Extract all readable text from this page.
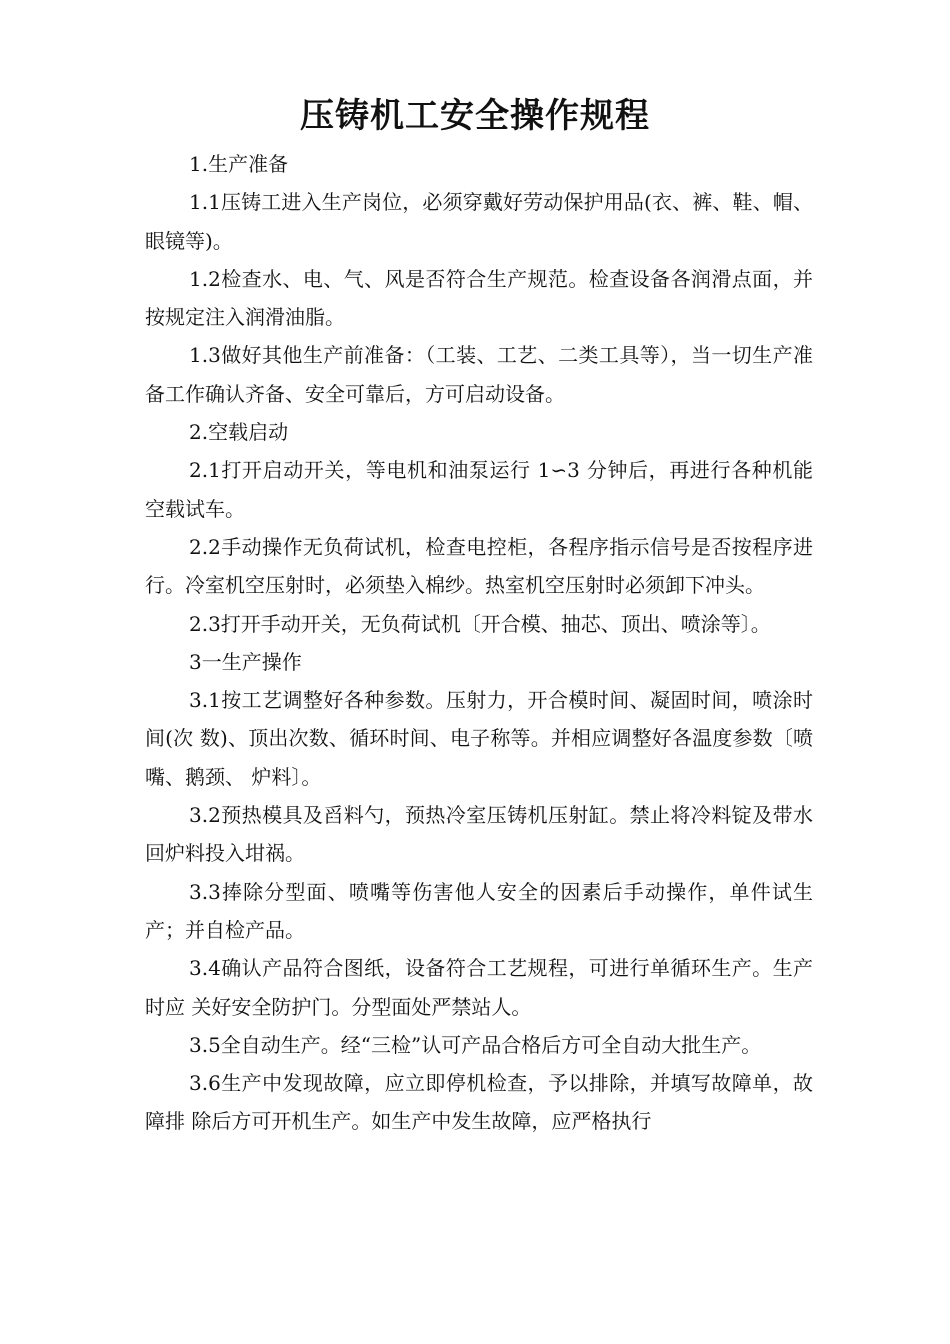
压铸机工安全操作规程

1.生产准备

1.1压铸工进入生产岗位，必须穿戴好劳动保护用品(衣、裤、鞋、帽、眼镜等)。

1.2检查水、电、气、风是否符合生产规范。检查设备各润滑点面，并按规定注入润滑油脂。

1.3做好其他生产前准备：（工装、工艺、二类工具等），当一切生产准备工作确认齐备、安全可靠后，方可启动设备。

2.空载启动

2.1打开启动开关，等电机和油泵运行 1∽3 分钟后，再进行各种机能空载试车。

2.2手动操作无负荷试机，检查电控柜，各程序指示信号是否按程序进行。冷室机空压射时，必须垫入棉纱。热室机空压射时必须卸下冲头。

2.3打开手动开关，无负荷试机〔开合模、抽芯、顶出、喷涂等〕。

3一生产操作

3.1按工艺调整好各种参数。压射力，开合模时间、凝固时间，喷涂时间(次 数)、顶出次数、循环时间、电子称等。并相应调整好各温度参数〔喷嘴、鹅颈、 炉料〕。

3.2预热模具及舀料勺，预热冷室压铸机压射缸。禁止将冷料锭及带水回炉料投入坩祸。

3.3捧除分型面、喷嘴等伤害他人安全的因素后手动操作，单件试生产；并自检产品。

3.4确认产品符合图纸，设备符合工艺规程，可进行单循环生产。生产时应 关好安全防护门。分型面处严禁站人。

3.5全自动生产。经“三检”认可产品合格后方可全自动大批生产。

3.6生产中发现故障，应立即停机检查，予以排除，并填写故障单，故障排 除后方可开机生产。如生产中发生故障，应严格执行
